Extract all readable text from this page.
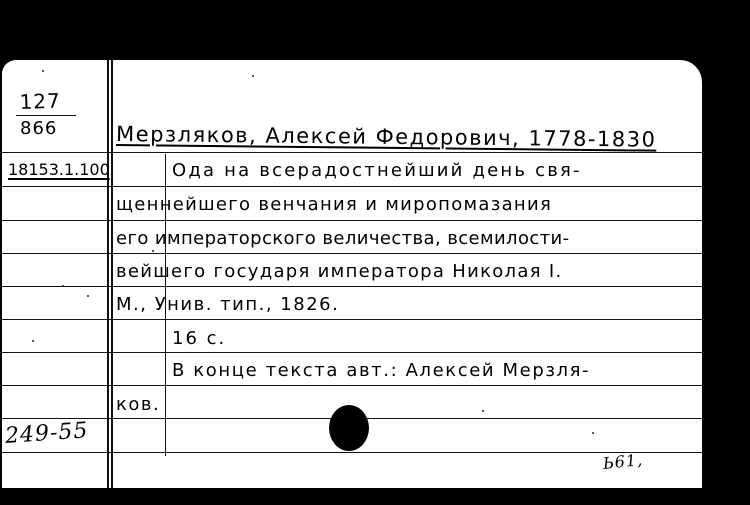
127
866
18153.1.100
Мерзляков, Алексей Федорович, 1778-1830
Ода на всерадостнейший день свя-
щеннейшего венчания и миропомазания
его императорского величества, всемилости-
вейшего государя императора Николая I.
М., Унив. тип., 1826.
16 с.
В конце текста авт.: Алексей Мерзля-
ков.
249-55
Ь61,
